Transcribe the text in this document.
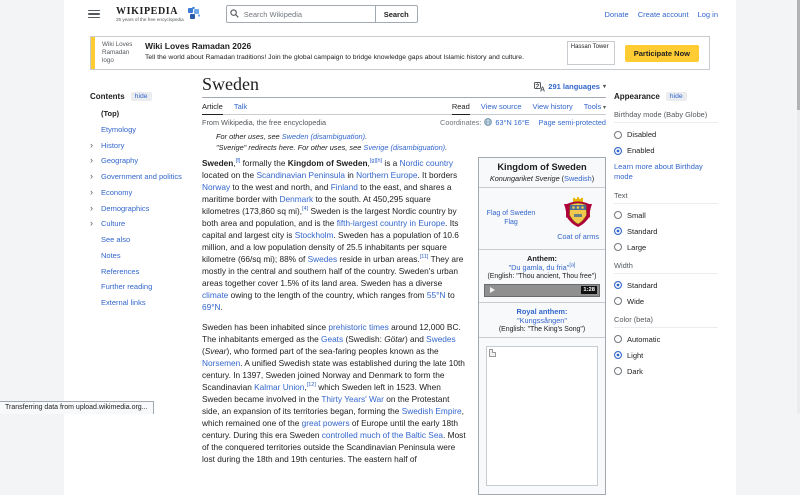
WIKIPEDIA
25 years of the free encyclopedia
Search Wikipedia
Search	Donate Create account Log in
Wiki Loves Ramadan logo
Wiki Loves Ramadan 2026
Tell the world about Ramadan traditions! Join the global campaign to bridge knowledge gaps about Islamic history and culture.
Hassan Tower
Participate Now
Contents	hide
(Top)
Etymology
› History
› Geography
› Government and politics
› Economy
› Demographics
› Culture
See also
Notes
References
Further reading
External links
Sweden	A 291 languages ▾
Article Talk	Read View source View history Tools ▾
From Wikipedia, the free encyclopedia	Coordinates: 63°N 16°E Page semi-protected
For other uses, see Sweden (disambiguation).
"Sverige" redirects here. For other uses, see Sverige (disambiguation).

Sweden,[f] formally the Kingdom of Sweden,[g][h] is a Nordic country located on the Scandinavian Peninsula in Northern Europe. It borders Norway to the west and north, and Finland to the east, and shares a maritime border with Denmark to the south. At 450,295 square kilometres (173,860 sq mi),[4] Sweden is the largest Nordic country by both area and population, and is the fifth-largest country in Europe. Its capital and largest city is Stockholm. Sweden has a population of 10.6 million, and a low population density of 25.5 inhabitants per square kilometre (66/sq mi); 88% of Swedes reside in urban areas.[11] They are mostly in the central and southern half of the country. Sweden's urban areas together cover 1.5% of its land area. Sweden has a diverse climate owing to the length of the country, which ranges from 55°N to 69°N.

Sweden has been inhabited since prehistoric times around 12,000 BC. The inhabitants emerged as the Geats (Swedish: Götar) and Swedes (Svear), who formed part of the sea-faring peoples known as the Norsemen. A unified Swedish state was established during the late 10th century. In 1397, Sweden joined Norway and Denmark to form the Scandinavian Kalmar Union,[12] which Sweden left in 1523. When Sweden became involved in the Thirty Years' War on the Protestant side, an expansion of its territories began, forming the Swedish Empire, which remained one of the great powers of Europe until the early 18th century. During this era Sweden controlled much of the Baltic Sea. Most of the conquered territories outside the Scandinavian Peninsula were lost during the 18th and 19th centuries. The eastern half of

Kingdom of Sweden
Konungariket Sverige (Swedish)
Flag of Sweden
Flag
Coat of arms
Anthem:
"Du gamla, du fria"[a]
(English: "Thou ancient, Thou free")
1:28
Royal anthem:
"Kungssången"
(English: "The King's Song")
Appearance	hide
Birthday mode (Baby Globe)
Disabled
Enabled
Learn more about Birthday mode
Text
Small
Standard
Large
Width
Standard
Wide
Color (beta)
Automatic
Light
Dark
Transferring data from upload.wikimedia.org...
